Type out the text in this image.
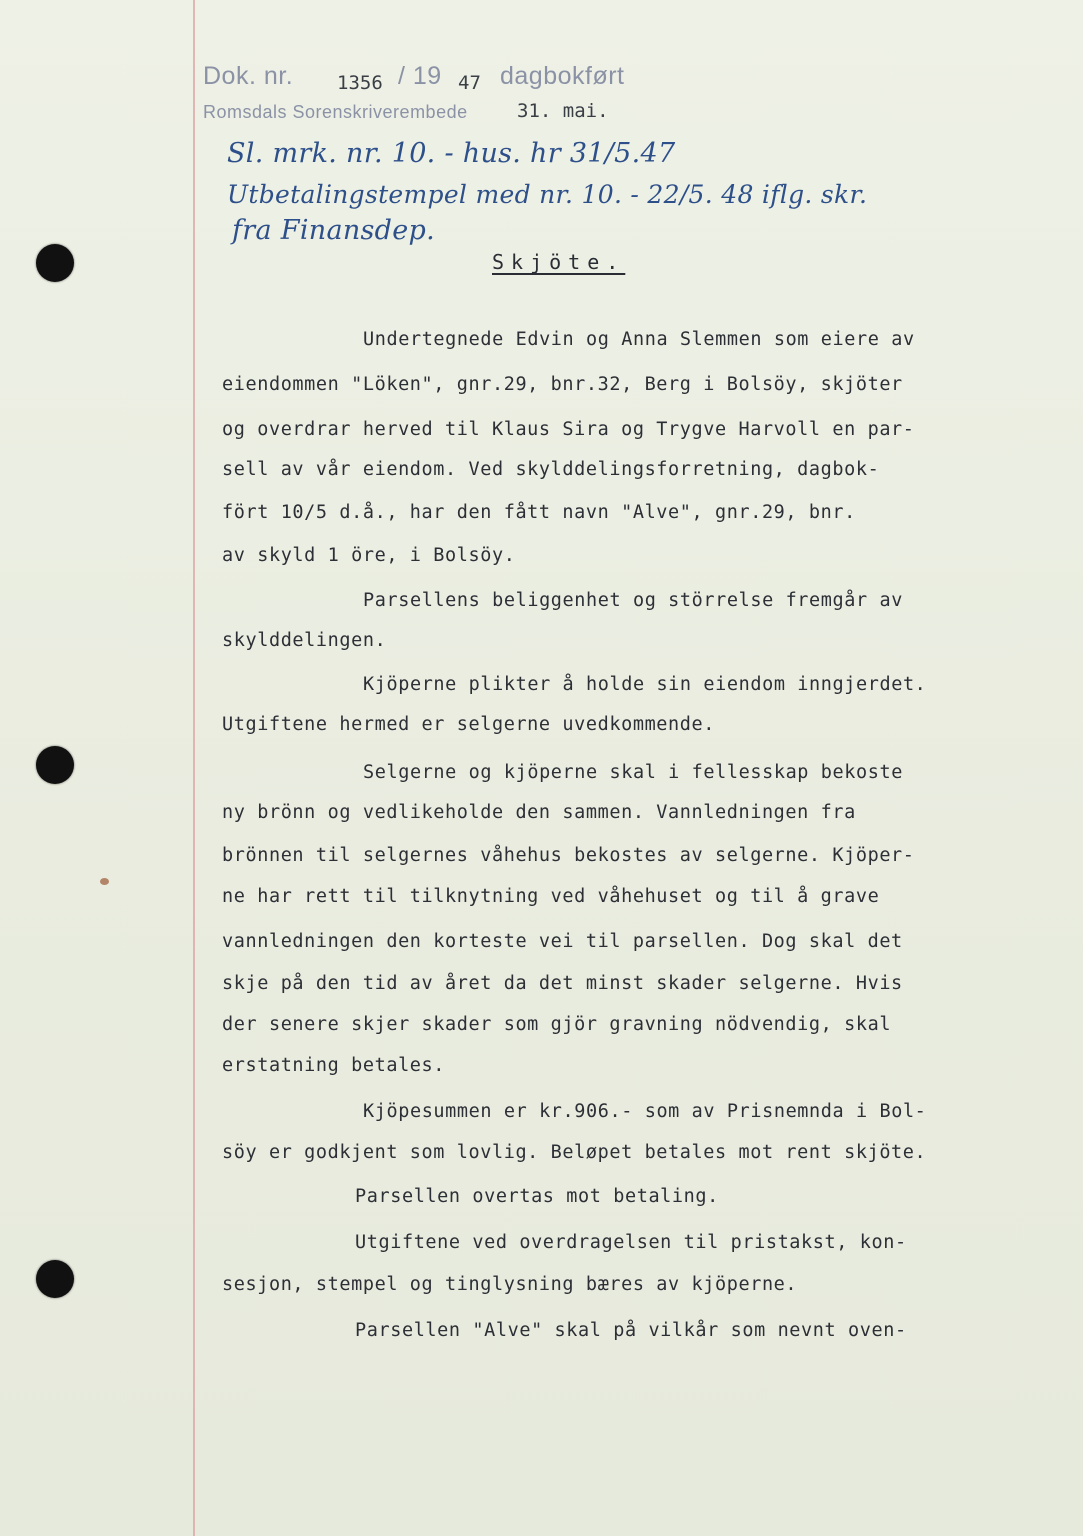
Dok. nr. 1356 / 19 47 dagbokført
Romsdals Sorenskriverembede	31. mai.
Sl. mrk. nr. 10. - hus. hr 31/5.47
Utbetalingstempel med nr. 10. - 22/5. 48 iflg. skr.
fra Finansdep.
Skjöte.
Undertegnede Edvin og Anna Slemmen som eiere av
eiendommen "Löken", gnr.29, bnr.32, Berg i Bolsöy, skjöter
og overdrar herved til Klaus Sira og Trygve Harvoll en par-
sell av vår eiendom. Ved skylddelingsforretning, dagbok-
fört 10/5 d.å., har den fått navn "Alve", gnr.29, bnr.
av skyld 1 öre, i Bolsöy.
Parsellens beliggenhet og störrelse fremgår av
skylddelingen.
Kjöperne plikter å holde sin eiendom inngjerdet.
Utgiftene hermed er selgerne uvedkommende.
Selgerne og kjöperne skal i fellesskap bekoste
ny brönn og vedlikeholde den sammen. Vannledningen fra
brönnen til selgernes våhehus bekostes av selgerne. Kjöper-
ne har rett til tilknytning ved våhehuset og til å grave
vannledningen den korteste vei til parsellen. Dog skal det
skje på den tid av året da det minst skader selgerne. Hvis
der senere skjer skader som gjör gravning nödvendig, skal
erstatning betales.
Kjöpesummen er kr.906.- som av Prisnemnda i Bol-
söy er godkjent som lovlig. Beløpet betales mot rent skjöte.
Parsellen overtas mot betaling.
Utgiftene ved overdragelsen til pristakst, kon-
sesjon, stempel og tinglysning bæres av kjöperne.
Parsellen "Alve" skal på vilkår som nevnt oven-
